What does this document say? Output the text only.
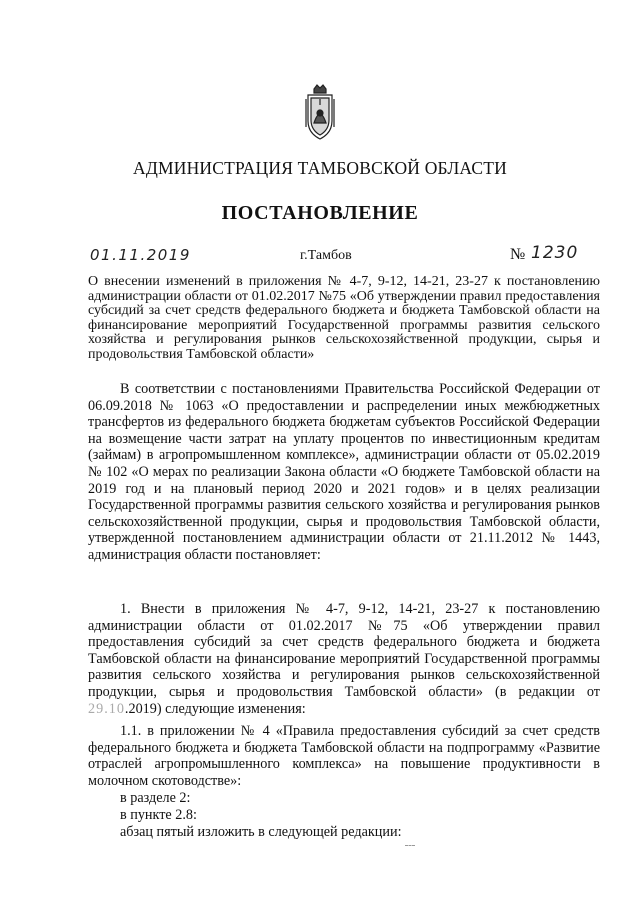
АДМИНИСТРАЦИЯ ТАМБОВСКОЙ ОБЛАСТИ
ПОСТАНОВЛЕНИЕ
01.11.2019	г.Тамбов	№ 1230
О внесении изменений в приложения № 4-7, 9-12, 14-21, 23-27 к постановлению администрации области от 01.02.2017 №75 «Об утверждении правил предоставления субсидий за счет средств федерального бюджета и бюджета Тамбовской области на финансирование мероприятий Государственной программы развития сельского хозяйства и регулирования рынков сельскохозяйственной продукции, сырья и продовольствия Тамбовской области»

В соответствии с постановлениями Правительства Российской Федерации от 06.09.2018 № 1063 «О предоставлении и распределении иных межбюджетных трансфертов из федерального бюджета бюджетам субъектов Российской Федерации на возмещение части затрат на уплату процентов по инвестиционным кредитам (займам) в агропромышленном комплексе», администрации области от 05.02.2019 № 102 «О мерах по реализации Закона области «О бюджете Тамбовской области на 2019 год и на плановый период 2020 и 2021 годов» и в целях реализации Государственной программы развития сельского хозяйства и регулирования рынков сельскохозяйственной продукции, сырья и продовольствия Тамбовской области, утвержденной постановлением администрации области от 21.11.2012 № 1443, администрация области постановляет:

1. Внести в приложения № 4-7, 9-12, 14-21, 23-27 к постановлению администрации области от 01.02.2017 №75 «Об утверждении правил предоставления субсидий за счет средств федерального бюджета и бюджета Тамбовской области на финансирование мероприятий Государственной программы развития сельского хозяйства и регулирования рынков сельскохозяйственной продукции, сырья и продовольствия Тамбовской области» (в редакции от 29.10.2019) следующие изменения:

1.1. в приложении № 4 «Правила предоставления субсидий за счет средств федерального бюджета и бюджета Тамбовской области на подпрограмму «Развитие отраслей агропромышленного комплекса» на повышение продуктивности в молочном скотоводстве»:

в разделе 2:
в пункте 2.8:
абзац пятый изложить в следующей редакции:
